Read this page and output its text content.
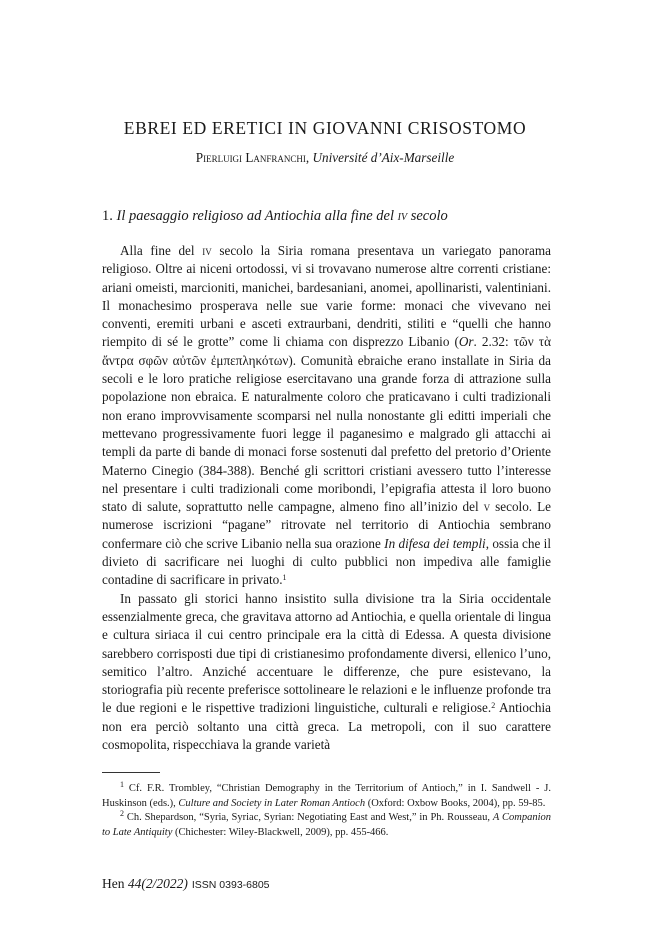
EBREI ED ERETICI IN GIOVANNI CRISOSTOMO
Pierluigi Lanfranchi, Université d’Aix-Marseille
1. Il paesaggio religioso ad Antiochia alla fine del iv secolo

Alla fine del iv secolo la Siria romana presentava un variegato panorama religioso. Oltre ai niceni ortodossi, vi si trovavano numerose altre correnti cristiane: ariani omeisti, marcioniti, manichei, bardesaniani, anomei, apollinaristi, valentiniani. Il monachesimo prosperava nelle sue varie forme: monaci che vivevano nei conventi, eremiti urbani e asceti extraurbani, dendriti, stiliti e “quelli che hanno riempito di sé le grotte” come li chiama con disprezzo Libanio (Or. 2.32: τῶν τὰ ἄντρα σφῶν αὐτῶν ἐμπεπληκότων). Comunità ebraiche erano installate in Siria da secoli e le loro pratiche religiose esercitavano una grande forza di attrazione sulla popolazione non ebraica. E naturalmente coloro che praticavano i culti tradizionali non erano improvvisamente scomparsi nel nulla nonostante gli editti imperiali che mettevano progressivamente fuori legge il paganesimo e malgrado gli attacchi ai templi da parte di bande di monaci forse sostenuti dal prefetto del pretorio d’Oriente Materno Cinegio (384-388). Benché gli scrittori cristiani avessero tutto l’interesse nel presentare i culti tradizionali come moribondi, l’epigrafia attesta il loro buono stato di salute, soprattutto nelle campagne, almeno fino all’inizio del v secolo. Le numerose iscrizioni “pagane” ritrovate nel territorio di Antiochia sembrano confermare ciò che scrive Libanio nella sua orazione In difesa dei templi, ossia che il divieto di sacrificare nei luoghi di culto pubblici non impediva alle famiglie contadine di sacrificare in privato.$^1$

In passato gli storici hanno insistito sulla divisione tra la Siria occidentale essenzialmente greca, che gravitava attorno ad Antiochia, e quella orientale di lingua e cultura siriaca il cui centro principale era la città di Edessa. A questa divisione sarebbero corrisposti due tipi di cristianesimo profondamente diversi, ellenico l’uno, semitico l’altro. Anziché accentuare le differenze, che pure esistevano, la storiografia più recente preferisce sottolineare le relazioni e le influenze profonde tra le due regioni e le rispettive tradizioni linguistiche, culturali e religiose.$^2$ Antiochia non era perciò soltanto una città greca. La metropoli, con il suo carattere cosmopolita, rispecchiava la grande varietà

$^1$ Cf. F.R. Trombley, “Christian Demography in the Territorium of Antioch,” in I. Sandwell - J. Huskinson (eds.), Culture and Society in Later Roman Antioch (Oxford: Oxbow Books, 2004), pp. 59-85.

$^2$ Ch. Shepardson, “Syria, Syriac, Syrian: Negotiating East and West,” in Ph. Rousseau, A Companion to Late Antiquity (Chichester: Wiley-Blackwell, 2009), pp. 455-466.

Hen 44(2/2022) ISSN 0393-6805
